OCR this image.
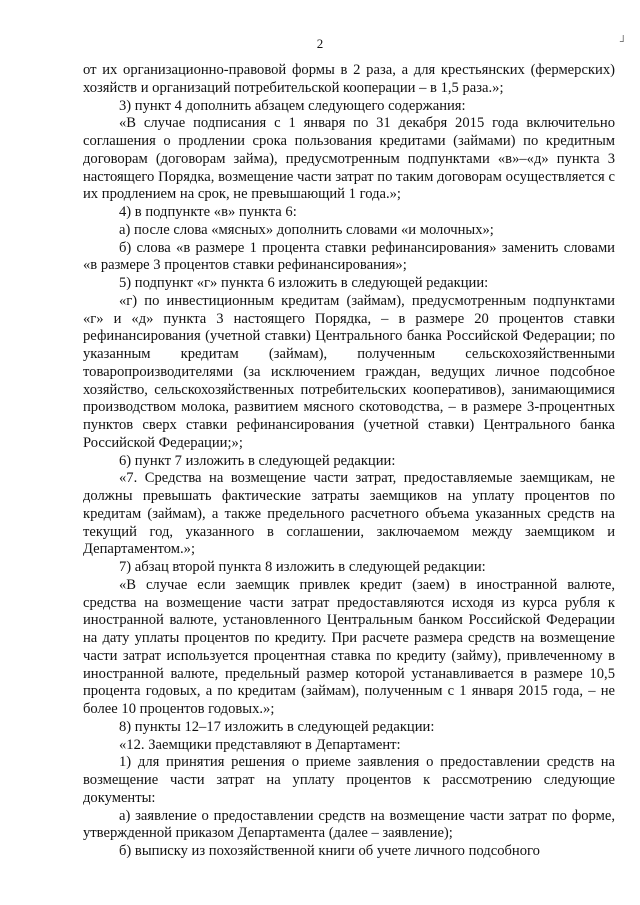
2	¬

от их организационно-правовой формы в 2 раза, а для крестьянских (фермерских) хозяйств и организаций потребительской кооперации – в 1,5 раза.»;

3) пункт 4 дополнить абзацем следующего содержания:

«В случае подписания с 1 января по 31 декабря 2015 года включительно соглашения о продлении срока пользования кредитами (займами) по кредитным договорам (договорам займа), предусмотренным подпунктами «в»–«д» пункта 3 настоящего Порядка, возмещение части затрат по таким договорам осуществляется с их продлением на срок, не превышающий 1 года.»;

4) в подпункте «в» пункта 6:

а) после слова «мясных» дополнить словами «и молочных»;

б) слова «в размере 1 процента ставки рефинансирования» заменить словами «в размере 3 процентов ставки рефинансирования»;

5) подпункт «г» пункта 6 изложить в следующей редакции:

«г) по инвестиционным кредитам (займам), предусмотренным подпунктами «г» и «д» пункта 3 настоящего Порядка, – в размере 20 процентов ставки рефинансирования (учетной ставки) Центрального банка Российской Федерации; по указанным кредитам (займам), полученным сельскохозяйственными товаропроизводителями (за исключением граждан, ведущих личное подсобное хозяйство, сельскохозяйственных потребительских кооперативов), занимающимися производством молока, развитием мясного скотоводства, – в размере 3-процентных пунктов сверх ставки рефинансирования (учетной ставки) Центрального банка Российской Федерации;»;

6) пункт 7 изложить в следующей редакции:

«7. Средства на возмещение части затрат, предоставляемые заемщикам, не должны превышать фактические затраты заемщиков на уплату процентов по кредитам (займам), а также предельного расчетного объема указанных средств на текущий год, указанного в соглашении, заключаемом между заемщиком и Департаментом.»;

7) абзац второй пункта 8 изложить в следующей редакции:

«В случае если заемщик привлек кредит (заем) в иностранной валюте, средства на возмещение части затрат предоставляются исходя из курса рубля к иностранной валюте, установленного Центральным банком Российской Федерации на дату уплаты процентов по кредиту. При расчете размера средств на возмещение части затрат используется процентная ставка по кредиту (займу), привлеченному в иностранной валюте, предельный размер которой устанавливается в размере 10,5 процента годовых, а по кредитам (займам), полученным с 1 января 2015 года, – не более 10 процентов годовых.»;

8) пункты 12–17 изложить в следующей редакции:

«12. Заемщики представляют в Департамент:

1) для принятия решения о приеме заявления о предоставлении средств на возмещение части затрат на уплату процентов к рассмотрению следующие документы:

а) заявление о предоставлении средств на возмещение части затрат по форме, утвержденной приказом Департамента (далее – заявление);

б) выписку из похозяйственной книги об учете личного подсобного
